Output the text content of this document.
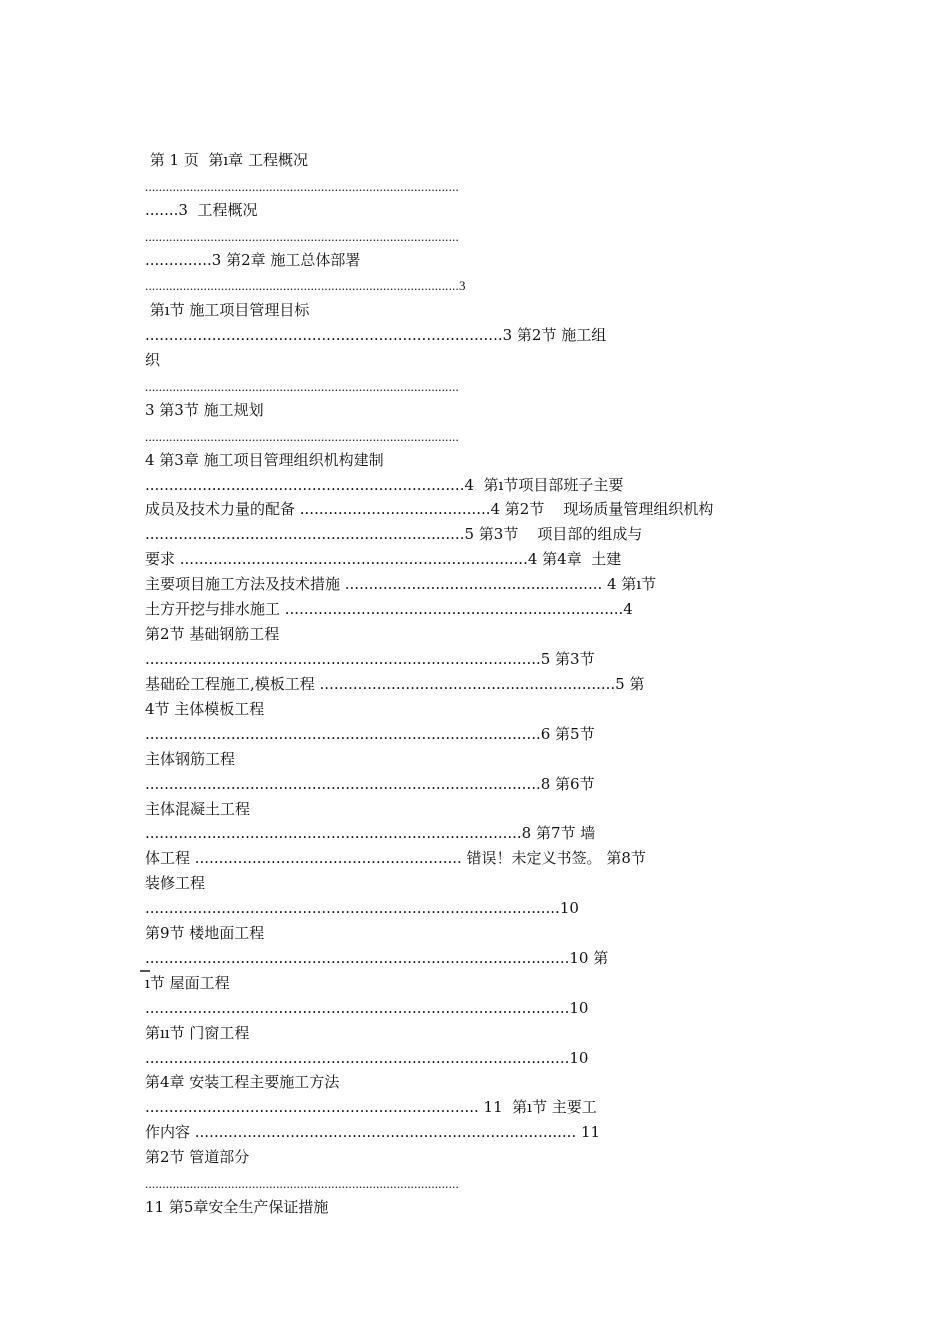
第 1 页  第ı章 工程概况
...........................................................................................
.......3  工程概况
...........................................................................................
..............3 第2章 施工总体部署
...........................................................................................3
第ı节 施工项目管理目标
...........................................................................3 第2节 施工组
织
...........................................................................................
3 第3节 施工规划
...........................................................................................
4 第3章 施工项目管理组织机构建制
...................................................................4  第ı节项目部班子主要
成员及技术力量的配备 ........................................4 第2节    现场质量管理组织机构
...................................................................5 第3节    项目部的组成与
要求 .........................................................................4 第4章  土建
主要项目施工方法及技术措施 ...................................................... 4 第ı节
土方开挖与排水施工 .......................................................................4
第2节 基础钢筋工程
...................................................................................5 第3节
基础砼工程施工,模板工程 ..............................................................5 第
4节 主体模板工程
...................................................................................6 第5节
主体钢筋工程
...................................................................................8 第6节
主体混凝土工程
...............................................................................8 第7节 墙
体工程 ........................................................ 错误！未定义书签。 第8节
装修工程
.......................................................................................10
第9节 楼地面工程
.........................................................................................10 第
ı节 屋面工程
.........................................................................................10
第ıı节 门窗工程
.........................................................................................10
第4章 安装工程主要施工方法
...................................................................... 11  第ı节 主要工
作内容 ................................................................................ 11
第2节 管道部分
...........................................................................................
11 第5章安全生产保证措施
